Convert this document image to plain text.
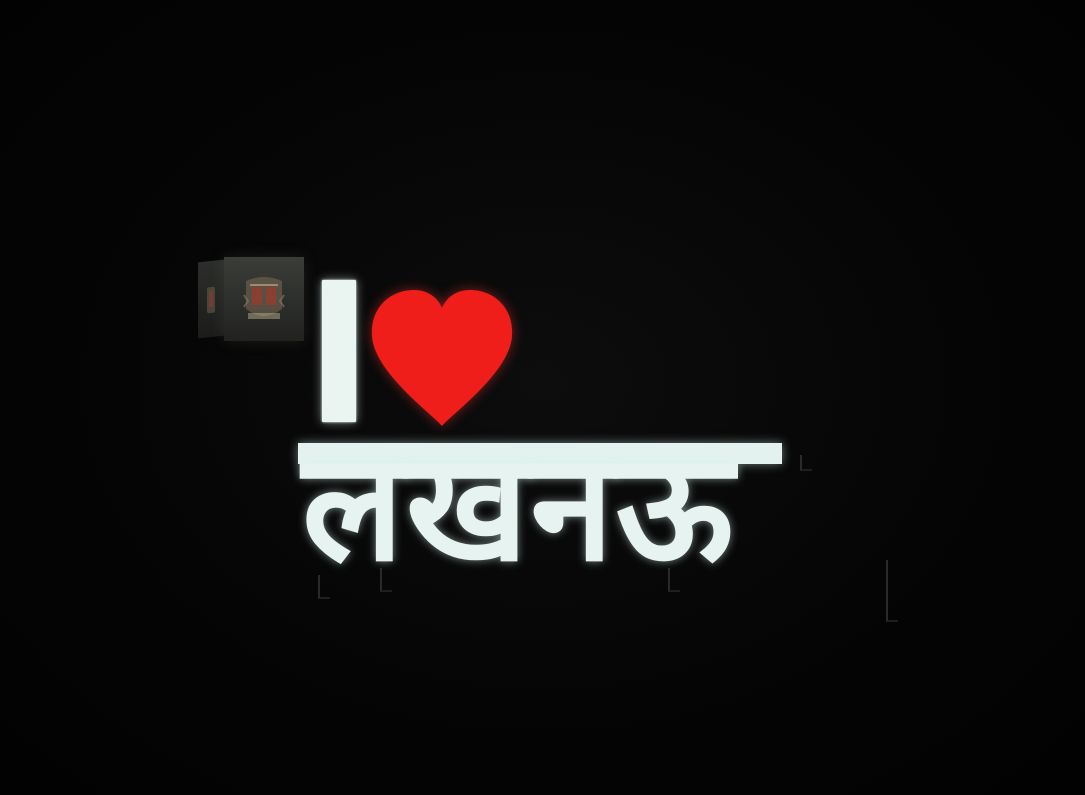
लखनऊ
